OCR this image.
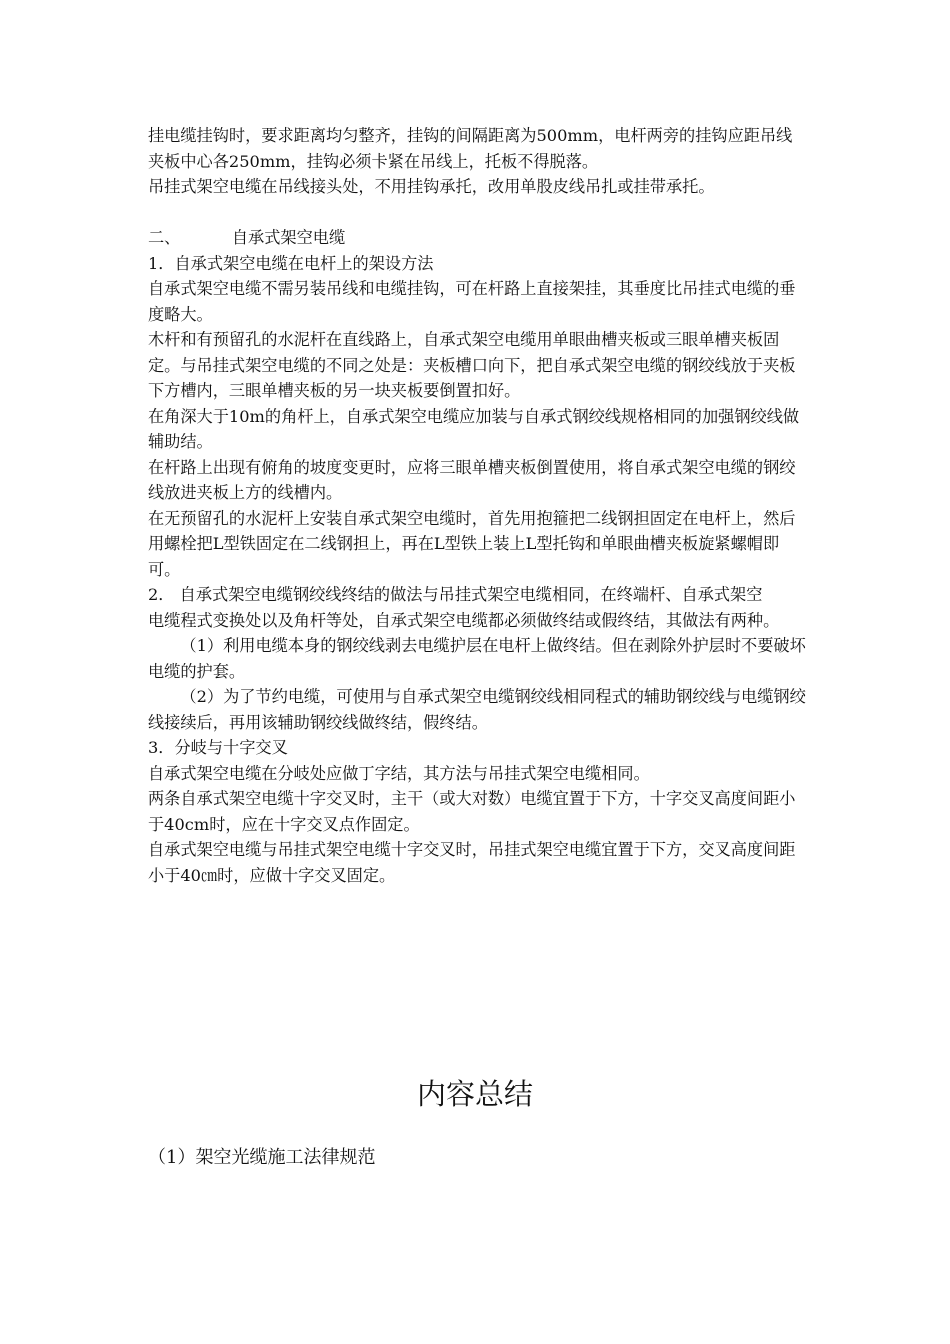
挂电缆挂钩时，要求距离均匀整齐，挂钩的间隔距离为500mm，电杆两旁的挂钩应距吊线夹板中心各250mm，挂钩必须卡紧在吊线上，托板不得脱落。

吊挂式架空电缆在吊线接头处，不用挂钩承托，改用单股皮线吊扎或挂带承托。

二、          自承式架空电缆

1．自承式架空电缆在电杆上的架设方法

自承式架空电缆不需另装吊线和电缆挂钩，可在杆路上直接架挂，其垂度比吊挂式电缆的垂度略大。

木杆和有预留孔的水泥杆在直线路上，自承式架空电缆用单眼曲槽夹板或三眼单槽夹板固定。与吊挂式架空电缆的不同之处是：夹板槽口向下，把自承式架空电缆的钢绞线放于夹板下方槽内，三眼单槽夹板的另一块夹板要倒置扣好。

在角深大于10m的角杆上，自承式架空电缆应加装与自承式钢绞线规格相同的加强钢绞线做辅助结。

在杆路上出现有俯角的坡度变更时，应将三眼单槽夹板倒置使用，将自承式架空电缆的钢绞线放进夹板上方的线槽内。

在无预留孔的水泥杆上安装自承式架空电缆时，首先用抱箍把二线钢担固定在电杆上，然后用螺栓把L型铁固定在二线钢担上，再在L型铁上装上L型托钩和单眼曲槽夹板旋紧螺帽即可。

2． 自承式架空电缆钢绞线终结的做法与吊挂式架空电缆相同，在终端杆、自承式架空

电缆程式变换处以及角杆等处，自承式架空电缆都必须做终结或假终结，其做法有两种。

（1）利用电缆本身的钢绞线剥去电缆护层在电杆上做终结。但在剥除外护层时不要破坏电缆的护套。

（2）为了节约电缆，可使用与自承式架空电缆钢绞线相同程式的辅助钢绞线与电缆钢绞线接续后，再用该辅助钢绞线做终结，假终结。

3．分岐与十字交叉

自承式架空电缆在分岐处应做丁字结，其方法与吊挂式架空电缆相同。

两条自承式架空电缆十字交叉时，主干（或大对数）电缆宜置于下方，十字交叉高度间距小于40cm时，应在十字交叉点作固定。

自承式架空电缆与吊挂式架空电缆十字交叉时，吊挂式架空电缆宜置于下方，交叉高度间距小于40㎝时，应做十字交叉固定。

内容总结

（1）架空光缆施工法律规范
